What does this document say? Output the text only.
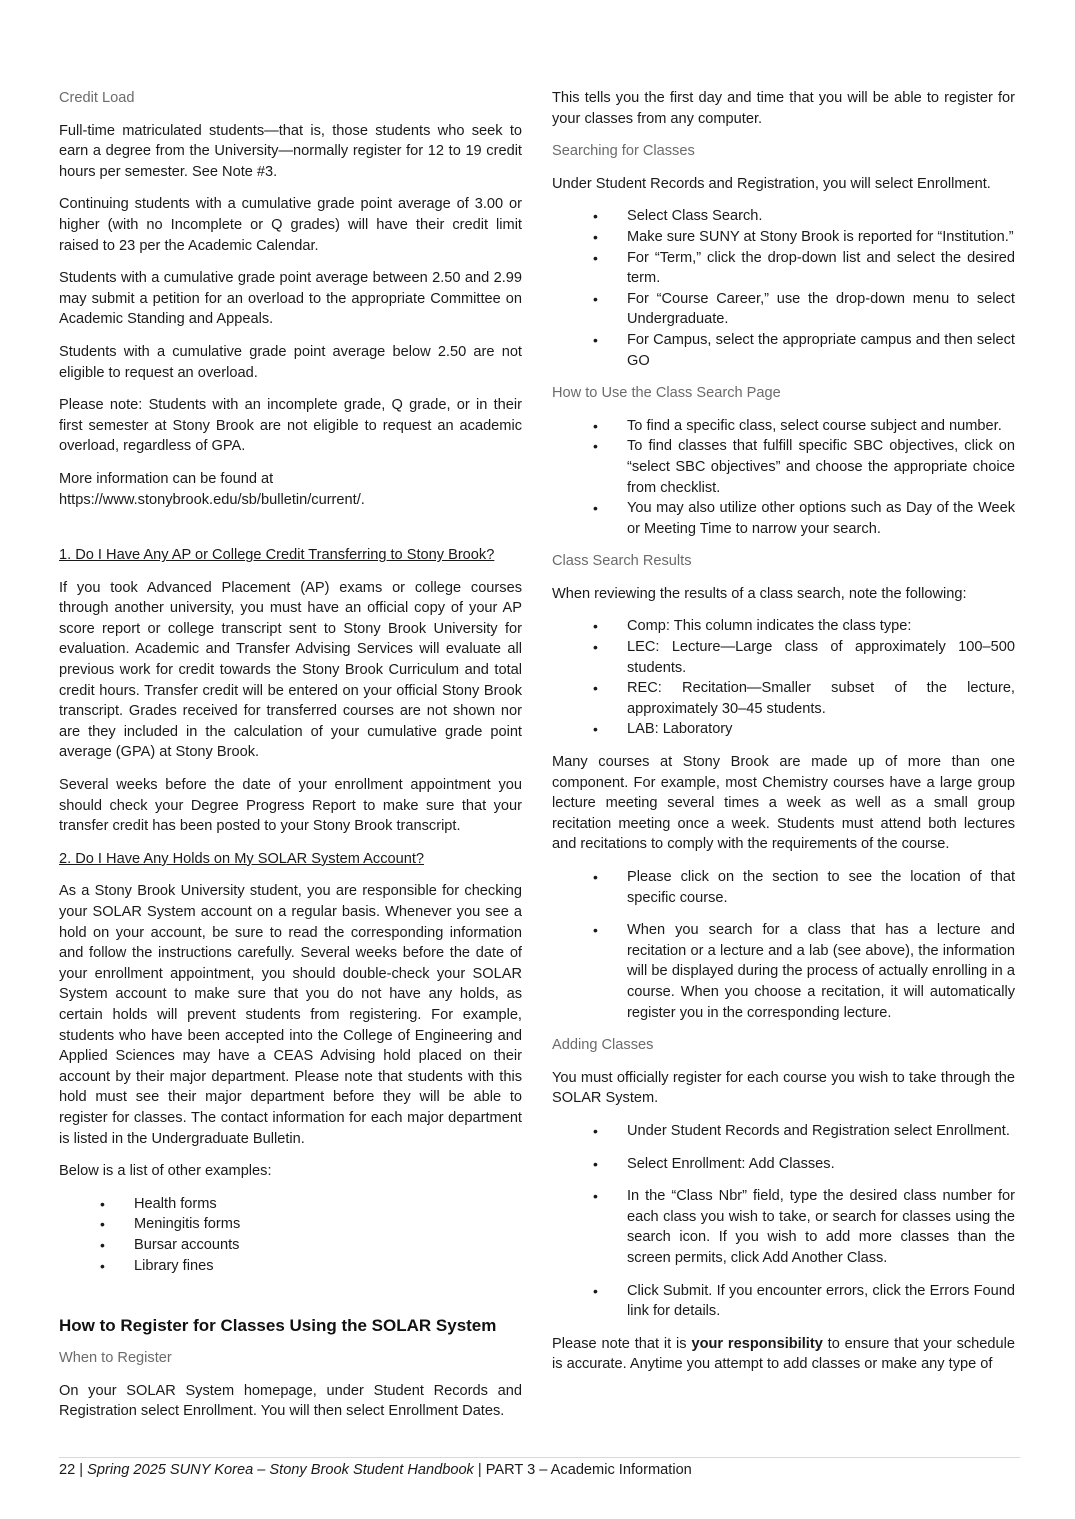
Credit Load

Full-time matriculated students—that is, those students who seek to earn a degree from the University—normally register for 12 to 19 credit hours per semester. See Note #3.

Continuing students with a cumulative grade point average of 3.00 or higher (with no Incomplete or Q grades) will have their credit limit raised to 23 per the Academic Calendar.

Students with a cumulative grade point average between 2.50 and 2.99 may submit a petition for an overload to the appropriate Committee on Academic Standing and Appeals.

Students with a cumulative grade point average below 2.50 are not eligible to request an overload.

Please note: Students with an incomplete grade, Q grade, or in their first semester at Stony Brook are not eligible to request an academic overload, regardless of GPA.

More information can be found at
https://www.stonybrook.edu/sb/bulletin/current/.

1. Do I Have Any AP or College Credit Transferring to Stony Brook?

If you took Advanced Placement (AP) exams or college courses through another university, you must have an official copy of your AP score report or college transcript sent to Stony Brook University for evaluation. Academic and Transfer Advising Services will evaluate all previous work for credit towards the Stony Brook Curriculum and total credit hours. Transfer credit will be entered on your official Stony Brook transcript. Grades received for transferred courses are not shown nor are they included in the calculation of your cumulative grade point average (GPA) at Stony Brook.

Several weeks before the date of your enrollment appointment you should check your Degree Progress Report to make sure that your transfer credit has been posted to your Stony Brook transcript.

2. Do I Have Any Holds on My SOLAR System Account?

As a Stony Brook University student, you are responsible for checking your SOLAR System account on a regular basis. Whenever you see a hold on your account, be sure to read the corresponding information and follow the instructions carefully. Several weeks before the date of your enrollment appointment, you should double-check your SOLAR System account to make sure that you do not have any holds, as certain holds will prevent students from registering. For example, students who have been accepted into the College of Engineering and Applied Sciences may have a CEAS Advising hold placed on their account by their major department. Please note that students with this hold must see their major department before they will be able to register for classes. The contact information for each major department is listed in the Undergraduate Bulletin.

Below is a list of other examples:

• Health forms
• Meningitis forms
• Bursar accounts
• Library fines
How to Register for Classes Using the SOLAR System
When to Register

On your SOLAR System homepage, under Student Records and Registration select Enrollment. You will then select Enrollment Dates.

This tells you the first day and time that you will be able to register for your classes from any computer.

Searching for Classes

Under Student Records and Registration, you will select Enrollment.

• Select Class Search.
• Make sure SUNY at Stony Brook is reported for “Institution.”
• For “Term,” click the drop-down list and select the desired term.
• For “Course Career,” use the drop-down menu to select Undergraduate.
• For Campus, select the appropriate campus and then select GO
How to Use the Class Search Page
• To find a specific class, select course subject and number.
• To find classes that fulfill specific SBC objectives, click on “select SBC objectives” and choose the appropriate choice from checklist.
• You may also utilize other options such as Day of the Week or Meeting Time to narrow your search.
Class Search Results

When reviewing the results of a class search, note the following:

• Comp: This column indicates the class type:
• LEC: Lecture—Large class of approximately 100–500 students.
• REC: Recitation—Smaller subset of the lecture, approximately 30–45 students.
• LAB: Laboratory

Many courses at Stony Brook are made up of more than one component. For example, most Chemistry courses have a large group lecture meeting several times a week as well as a small group recitation meeting once a week. Students must attend both lectures and recitations to comply with the requirements of the course.

• Please click on the section to see the location of that specific course.
• When you search for a class that has a lecture and recitation or a lecture and a lab (see above), the information will be displayed during the process of actually enrolling in a course. When you choose a recitation, it will automatically register you in the corresponding lecture.
Adding Classes

You must officially register for each course you wish to take through the SOLAR System.

• Under Student Records and Registration select Enrollment.
• Select Enrollment: Add Classes.
• In the “Class Nbr” field, type the desired class number for each class you wish to take, or search for classes using the search icon. If you wish to add more classes than the screen permits, click Add Another Class.
• Click Submit. If you encounter errors, click the Errors Found link for details.

Please note that it is your responsibility to ensure that your schedule is accurate. Anytime you attempt to add classes or make any type of

22 | Spring 2025 SUNY Korea – Stony Brook Student Handbook | PART 3 – Academic Information
